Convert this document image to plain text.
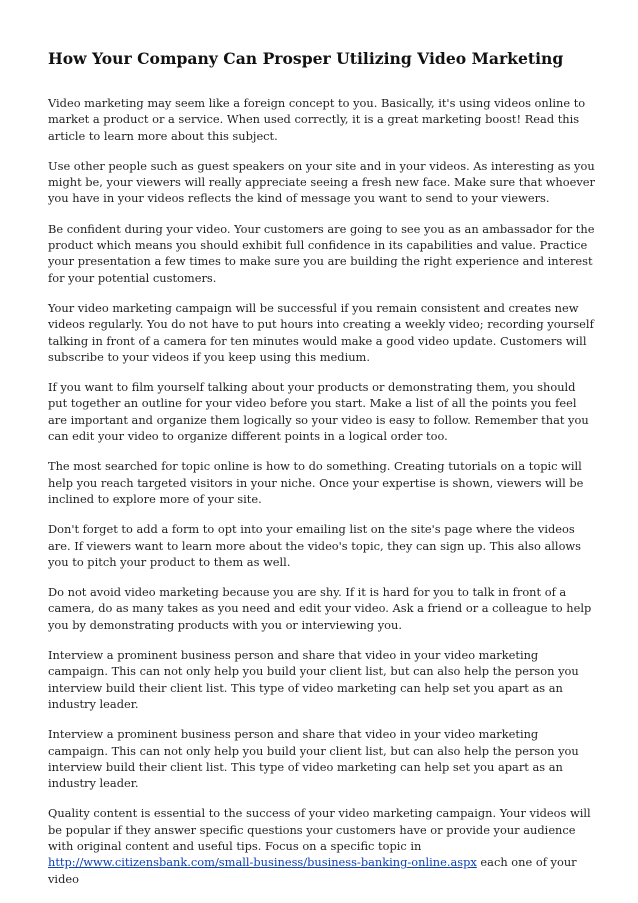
How Your Company Can Prosper Utilizing Video Marketing

Video marketing may seem like a foreign concept to you. Basically, it's using videos online to market a product or a service. When used correctly, it is a great marketing boost! Read this article to learn more about this subject.

Use other people such as guest speakers on your site and in your videos. As interesting as you might be, your viewers will really appreciate seeing a fresh new face. Make sure that whoever you have in your videos reflects the kind of message you want to send to your viewers.

Be confident during your video. Your customers are going to see you as an ambassador for the product which means you should exhibit full confidence in its capabilities and value. Practice your presentation a few times to make sure you are building the right experience and interest for your potential customers.

Your video marketing campaign will be successful if you remain consistent and creates new videos regularly. You do not have to put hours into creating a weekly video; recording yourself talking in front of a camera for ten minutes would make a good video update. Customers will subscribe to your videos if you keep using this medium.

If you want to film yourself talking about your products or demonstrating them, you should put together an outline for your video before you start. Make a list of all the points you feel are important and organize them logically so your video is easy to follow. Remember that you can edit your video to organize different points in a logical order too.

The most searched for topic online is how to do something. Creating tutorials on a topic will help you reach targeted visitors in your niche. Once your expertise is shown, viewers will be inclined to explore more of your site.

Don't forget to add a form to opt into your emailing list on the site's page where the videos are. If viewers want to learn more about the video's topic, they can sign up. This also allows you to pitch your product to them as well.

Do not avoid video marketing because you are shy. If it is hard for you to talk in front of a camera, do as many takes as you need and edit your video. Ask a friend or a colleague to help you by demonstrating products with you or interviewing you.

Interview a prominent business person and share that video in your video marketing campaign. This can not only help you build your client list, but can also help the person you interview build their client list. This type of video marketing can help set you apart as an industry leader.

Interview a prominent business person and share that video in your video marketing campaign. This can not only help you build your client list, but can also help the person you interview build their client list. This type of video marketing can help set you apart as an industry leader.

Quality content is essential to the success of your video marketing campaign. Your videos will be popular if they answer specific questions your customers have or provide your audience with original content and useful tips. Focus on a specific topic in http://www.citizensbank.com/small-business/business-banking-online.aspx each one of your video
